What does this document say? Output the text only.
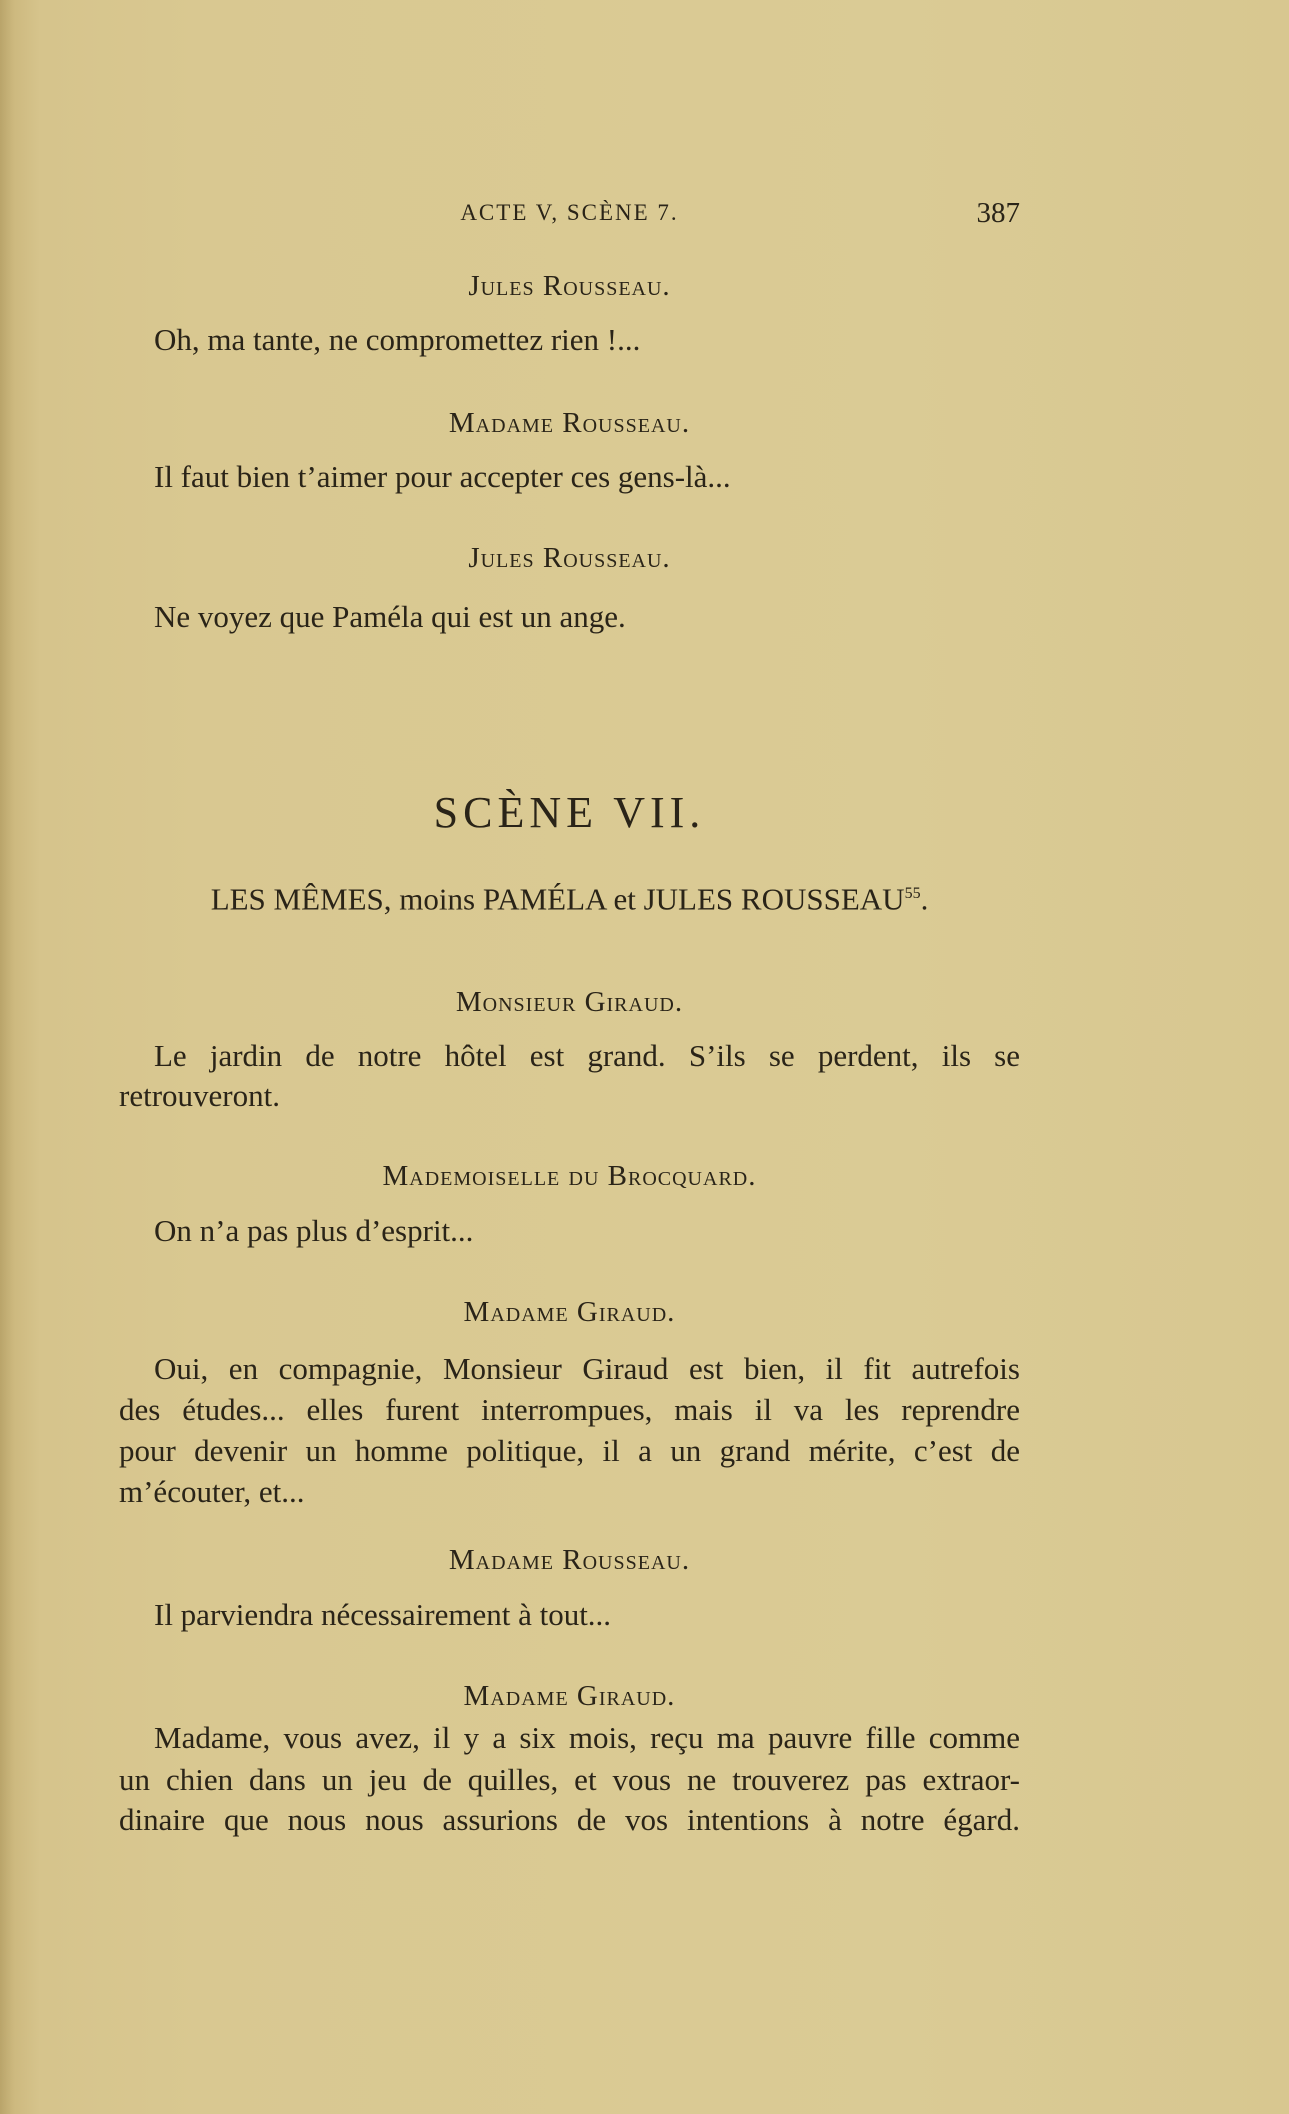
ACTE V, SCÈNE 7.	387
Jules Rousseau.
Oh, ma tante, ne compromettez rien !...
Madame Rousseau.
Il faut bien t’aimer pour accepter ces gens-là...
Jules Rousseau.
Ne voyez que Paméla qui est un ange.
SCÈNE VII.
LES MÊMES, moins PAMÉLA et JULES ROUSSEAU$^{55}$.
Monsieur Giraud.
Le jardin de notre hôtel est grand. S’ils se perdent, ils se
retrouveront.
Mademoiselle du Brocquard.
On n’a pas plus d’esprit...
Madame Giraud.
Oui, en compagnie, Monsieur Giraud est bien, il fit autrefois
des études... elles furent interrompues, mais il va les reprendre
pour devenir un homme politique, il a un grand mérite, c’est de
m’écouter, et...
Madame Rousseau.
Il parviendra nécessairement à tout...
Madame Giraud.
Madame, vous avez, il y a six mois, reçu ma pauvre fille comme
un chien dans un jeu de quilles, et vous ne trouverez pas extraor-
dinaire que nous nous assurions de vos intentions à notre égard.
